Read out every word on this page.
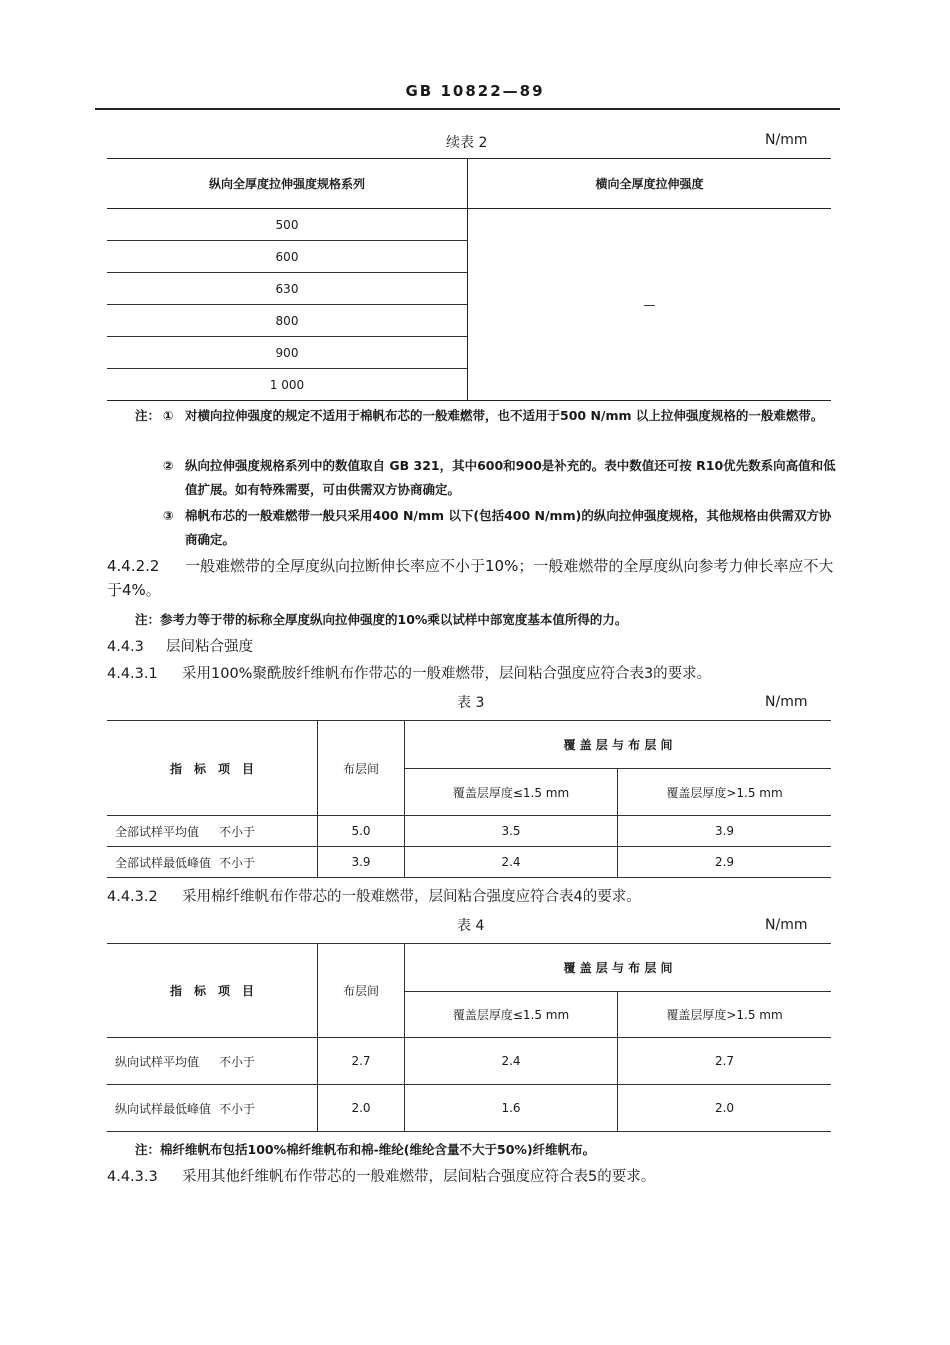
GB 10822—89
续表 2	N/mm
纵向全厚度拉伸强度规格系列	横向全厚度拉伸强度
500	—
600	
630	
800	
900	
1 000	
注： ① 对横向拉伸强度的规定不适用于棉帆布芯的一般难燃带，也不适用于500 N/mm 以上拉伸强度规格的一般难燃带。
② 纵向拉伸强度规格系列中的数值取自 GB 321，其中600和900是补充的。表中数值还可按 R10优先数系向高值和低值扩展。如有特殊需要，可由供需双方协商确定。
③ 棉帆布芯的一般难燃带一般只采用400 N/mm 以下(包括400 N/mm)的纵向拉伸强度规格，其他规格由供需双方协商确定。
4.4.2.2	一般难燃带的全厚度纵向拉断伸长率应不小于10%；一般难燃带的全厚度纵向参考力伸长率应不大于4%。
注：参考力等于带的标称全厚度纵向拉伸强度的10%乘以试样中部宽度基本值所得的力。
4.4.3 层间粘合强度
4.4.3.1 采用100%聚酰胺纤维帆布作带芯的一般难燃带，层间粘合强度应符合表3的要求。
表 3	N/mm
指　标　项　目	布层间	覆 盖 层 与 布 层 间	
		覆盖层厚度≤1.5 mm	覆盖层厚度>1.5 mm
全部试样平均值 不小于	5.0	3.5	3.9
全部试样最低峰值 不小于	3.9	2.4	2.9
4.4.3.2 采用棉纤维帆布作带芯的一般难燃带，层间粘合强度应符合表4的要求。
表 4	N/mm
指　标　项　目	布层间	覆 盖 层 与 布 层 间	
		覆盖层厚度≤1.5 mm	覆盖层厚度>1.5 mm
纵向试样平均值 不小于	2.7	2.4	2.7
纵向试样最低峰值 不小于	2.0	1.6	2.0
注：棉纤维帆布包括100%棉纤维帆布和棉-维纶(维纶含量不大于50%)纤维帆布。
4.4.3.3 采用其他纤维帆布作带芯的一般难燃带，层间粘合强度应符合表5的要求。
